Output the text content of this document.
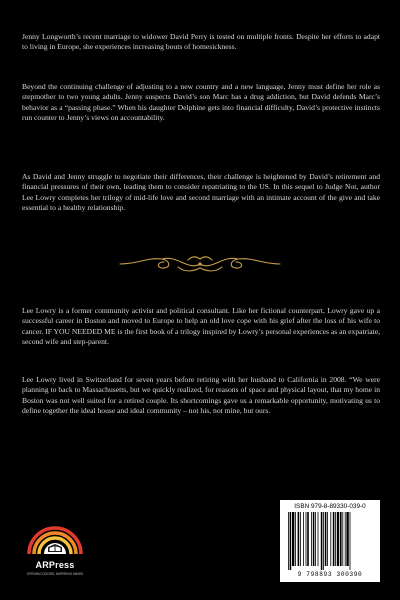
Jenny Longworth’s recent marriage to widower David Perry is tested on multiple fronts. Despite her efforts to adapt to living in Europe, she experiences increasing bouts of homesickness.

Beyond the continuing challenge of adjusting to a new country and a new language, Jenny must define her role as stepmother to two young adults. Jenny suspects David’s son Marc has a drug addiction, but David defends Marc’s behavior as a “passing phase.” When his daughter Delphine gets into financial difficulty, David’s protective instincts run counter to Jenny’s views on accountability.

As David and Jenny struggle to negotiate their differences, their challenge is heightened by David’s retirement and financial pressures of their own, leading them to consider repatriating to the US. In this sequel to Judge Not, author Lee Lowry completes her trilogy of mid-life love and second marriage with an intimate account of the give and take essential to a healthy relationship.

Lee Lowry is a former community activist and political consultant. Like her fictional counterpart, Lowry gave up a successful career in Boston and moved to Europe to help an old love cope with his grief after the loss of his wife to cancer. IF YOU NEEDED ME is the first book of a trilogy inspired by Lowry’s personal experiences as an expatriate, second wife and step-parent.

Lee Lowry lived in Switzerland for seven years before retiring with her husband to California in 2008. “We were planning to back to Massachusetts, but we quickly realized, for reasons of space and physical layout, that my home in Boston was not well suited for a retired couple. Its shortcomings gave us a remarkable opportunity, motivating us to define together the ideal house and ideal community – not his, not mine, but ours.

ARPress
OPENING DOORS, INSPIRING MINDS
ISBN 979-8-89330-039-0
9 798893 300390
